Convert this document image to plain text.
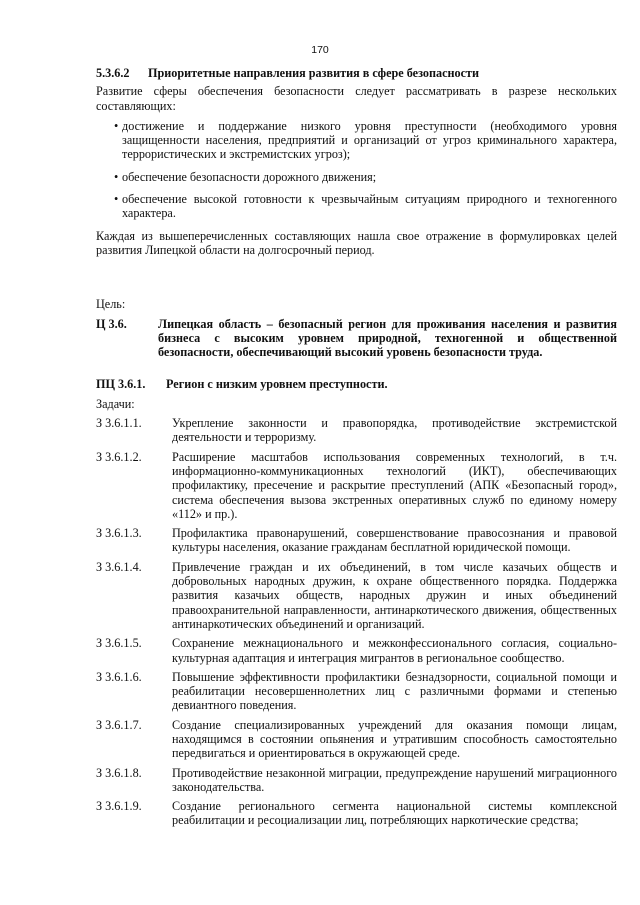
170
5.3.6.2	Приоритетные направления развития в сфере безопасности

Развитие сферы обеспечения безопасности следует рассматривать в разрезе нескольких составляющих:

• достижение и поддержание низкого уровня преступности (необходимого уровня защищенности населения, предприятий и организаций от угроз криминального характера, террористических и экстремистских угроз);
• обеспечение безопасности дорожного движения;
• обеспечение высокой готовности к чрезвычайным ситуациям природного и техногенного характера.

Каждая из вышеперечисленных составляющих нашла свое отражение в формулировках целей развития Липецкой области на долгосрочный период.

Цель:
Ц 3.6.	Липецкая область – безопасный регион для проживания населения и развития бизнеса с высоким уровнем природной, техногенной и общественной безопасности, обеспечивающий высокий уровень безопасности труда.
ПЦ 3.6.1.	Регион с низким уровнем преступности.
Задачи:
З 3.6.1.1.	Укрепление законности и правопорядка, противодействие экстремистской деятельности и терроризму.
З 3.6.1.2.	Расширение масштабов использования современных технологий, в т.ч. информационно-коммуникационных технологий (ИКТ), обеспечивающих профилактику, пресечение и раскрытие преступлений (АПК «Безопасный город», система обеспечения вызова экстренных оперативных служб по единому номеру «112» и пр.).
З 3.6.1.3.	Профилактика правонарушений, совершенствование правосознания и правовой культуры населения, оказание гражданам бесплатной юридической помощи.
З 3.6.1.4.	Привлечение граждан и их объединений, в том числе казачьих обществ и добровольных народных дружин, к охране общественного порядка. Поддержка развития казачьих обществ, народных дружин и иных объединений правоохранительной направленности, антинаркотического движения, общественных антинаркотических объединений и организаций.
З 3.6.1.5.	Сохранение межнационального и межконфессионального согласия, социально-культурная адаптация и интеграция мигрантов в региональное сообщество.
З 3.6.1.6.	Повышение эффективности профилактики безнадзорности, социальной помощи и реабилитации несовершеннолетних лиц с различными формами и степенью девиантного поведения.
З 3.6.1.7.	Создание специализированных учреждений для оказания помощи лицам, находящимся в состоянии опьянения и утратившим способность самостоятельно передвигаться и ориентироваться в окружающей среде.
З 3.6.1.8.	Противодействие незаконной миграции, предупреждение нарушений миграционного законодательства.
З 3.6.1.9.	Создание регионального сегмента национальной системы комплексной реабилитации и ресоциализации лиц, потребляющих наркотические средства;
